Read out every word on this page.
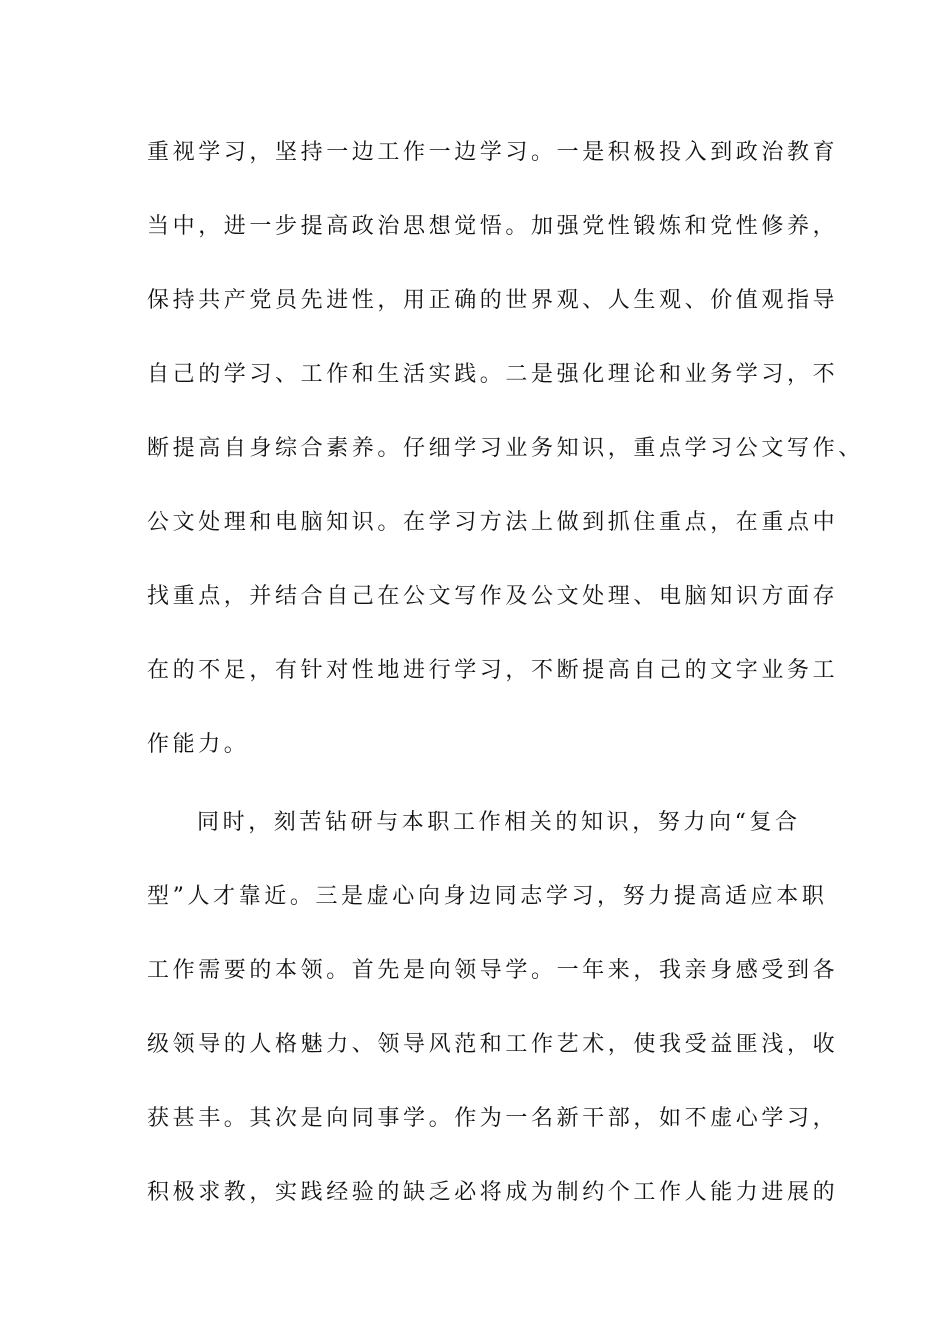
重视学习，坚持一边工作一边学习。一是积极投入到政治教育
当中，进一步提高政治思想觉悟。加强党性锻炼和党性修养，
保持共产党员先进性，用正确的世界观、人生观、价值观指导
自己的学习、工作和生活实践。二是强化理论和业务学习，不
断提高自身综合素养。仔细学习业务知识，重点学习公文写作、
公文处理和电脑知识。在学习方法上做到抓住重点，在重点中
找重点，并结合自己在公文写作及公文处理、电脑知识方面存
在的不足，有针对性地进行学习，不断提高自己的文字业务工
作能力。
同时，刻苦钻研与本职工作相关的知识，努力向“复合
型”人才靠近。三是虚心向身边同志学习，努力提高适应本职
工作需要的本领。首先是向领导学。一年来，我亲身感受到各
级领导的人格魅力、领导风范和工作艺术，使我受益匪浅，收
获甚丰。其次是向同事学。作为一名新干部，如不虚心学习，
积极求教，实践经验的缺乏必将成为制约个工作人能力进展的
